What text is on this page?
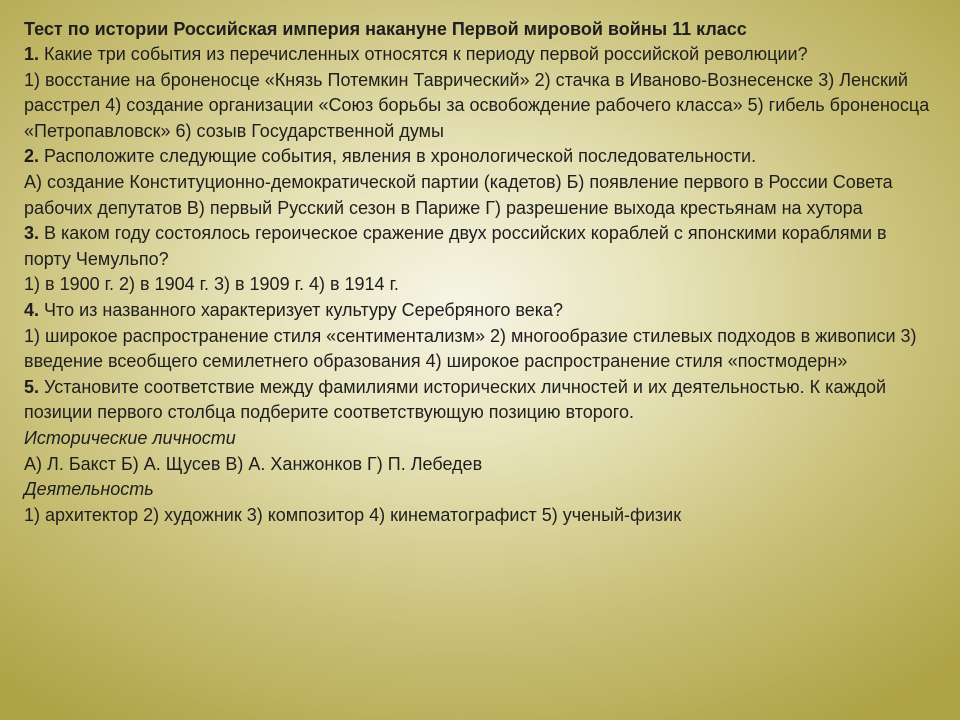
Тест по истории Российская империя накануне Первой мировой войны 11 класс

1. Какие три события из перечисленных относятся к периоду первой российской революции?

1) восстание на броненосце «Князь Потемкин Таврический» 2) стачка в Иваново-Вознесенске 3) Ленский расстрел 4) создание организации «Союз борьбы за освобождение рабочего класса» 5) гибель броненосца «Петропавловск» 6) созыв Государственной думы

2. Расположите следующие события, явления в хронологической последовательности.

А) создание Конституционно-демократической партии (кадетов) Б) появление первого в России Совета рабочих депутатов В) первый Русский сезон в Париже Г) разрешение выхода крестьянам на хутора

3. В каком году состоялось героическое сражение двух российских кораблей с японскими кораблями в порту Чемульпо?

1) в 1900 г. 2) в 1904 г. 3) в 1909 г. 4) в 1914 г.

4. Что из названного характеризует культуру Серебряного века?

1) широкое распространение стиля «сентиментализм» 2) многообразие стилевых подходов в живописи 3) введение всеобщего семилетнего образования 4) широкое распространение стиля «постмодерн»

5. Установите соответствие между фамилиями исторических личностей и их деятельностью. К каждой позиции первого столбца подберите соответствующую позицию второго.

Исторические личности

А) Л. Бакст Б) А. Щусев В) А. Ханжонков Г) П. Лебедев

Деятельность

1) архитектор 2) художник 3) композитор 4) кинематографист 5) ученый-физик
